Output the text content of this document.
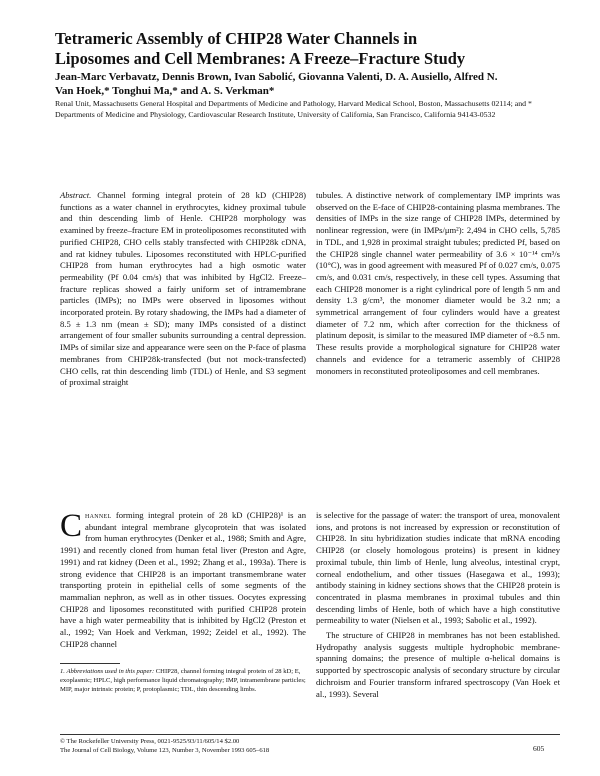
Tetrameric Assembly of CHIP28 Water Channels in Liposomes and Cell Membranes: A Freeze–Fracture Study
Jean-Marc Verbavatz, Dennis Brown, Ivan Sabolić, Giovanna Valenti, D. A. Ausiello, Alfred N. Van Hoek,* Tonghui Ma,* and A. S. Verkman*
Renal Unit, Massachusetts General Hospital and Departments of Medicine and Pathology, Harvard Medical School, Boston, Massachusetts 02114; and * Departments of Medicine and Physiology, Cardiovascular Research Institute, University of California, San Francisco, California 94143-0532
Abstract. Channel forming integral protein of 28 kD (CHIP28) functions as a water channel in erythrocytes, kidney proximal tubule and thin descending limb of Henle. CHIP28 morphology was examined by freeze–fracture EM in proteoliposomes reconstituted with purified CHIP28, CHO cells stably transfected with CHIP28k cDNA, and rat kidney tubules. Liposomes reconstituted with HPLC-purified CHIP28 from human erythrocytes had a high osmotic water permeability (Pf 0.04 cm/s) that was inhibited by HgCl2. Freeze–fracture replicas showed a fairly uniform set of intramembrane particles (IMPs); no IMPs were observed in liposomes without incorporated protein. By rotary shadowing, the IMPs had a diameter of 8.5 ± 1.3 nm (mean ± SD); many IMPs consisted of a distinct arrangement of four smaller subunits surrounding a central depression. IMPs of similar size and appearance were seen on the P-face of plasma membranes from CHIP28k-transfected (but not mock-transfected) CHO cells, rat thin descending limb (TDL) of Henle, and S3 segment of proximal straight
tubules. A distinctive network of complementary IMP imprints was observed on the E-face of CHIP28-containing plasma membranes. The densities of IMPs in the size range of CHIP28 IMPs, determined by nonlinear regression, were (in IMPs/μm²): 2,494 in CHO cells, 5,785 in TDL, and 1,928 in proximal straight tubules; predicted Pf, based on the CHIP28 single channel water permeability of 3.6 × 10⁻¹⁴ cm³/s (10°C), was in good agreement with measured Pf of 0.027 cm/s, 0.075 cm/s, and 0.031 cm/s, respectively, in these cell types. Assuming that each CHIP28 monomer is a right cylindrical pore of length 5 nm and density 1.3 g/cm³, the monomer diameter would be 3.2 nm; a symmetrical arrangement of four cylinders would have a greatest diameter of 7.2 nm, which after correction for the thickness of platinum deposit, is similar to the measured IMP diameter of ~8.5 nm. These results provide a morphological signature for CHIP28 water channels and evidence for a tetrameric assembly of CHIP28 monomers in reconstituted proteoliposomes and cell membranes.
Channel forming integral protein of 28 kD (CHIP28)¹ is an abundant integral membrane glycoprotein that was isolated from human erythrocytes (Denker et al., 1988; Smith and Agre, 1991) and recently cloned from human fetal liver (Preston and Agre, 1991) and rat kidney (Deen et al., 1992; Zhang et al., 1993a). There is strong evidence that CHIP28 is an important transmembrane water transporting protein in epithelial cells of some segments of the mammalian nephron, as well as in other tissues. Oocytes expressing CHIP28 and liposomes reconstituted with purified CHIP28 protein have a high water permeability that is inhibited by HgCl2 (Preston et al., 1992; Van Hoek and Verkman, 1992; Zeidel et al., 1992). The CHIP28 channel

is selective for the passage of water: the transport of urea, monovalent ions, and protons is not increased by expression or reconstitution of CHIP28. In situ hybridization studies indicate that mRNA encoding CHIP28 (or closely homologous proteins) is present in kidney proximal tubule, thin limb of Henle, lung alveolus, intestinal crypt, corneal endothelium, and other tissues (Hasegawa et al., 1993); antibody staining in kidney sections shows that the CHIP28 protein is concentrated in plasma membranes in proximal tubules and thin descending limbs of Henle, both of which have a high constitutive permeability to water (Nielsen et al., 1993; Sabolic et al., 1992).

The structure of CHIP28 in membranes has not been established. Hydropathy analysis suggests multiple hydrophobic membrane-spanning domains; the presence of multiple α-helical domains is supported by spectroscopic analysis of secondary structure by circular dichroism and Fourier transform infrared spectroscopy (Van Hoek et al., 1993). Several

1. Abbreviations used in this paper: CHIP28, channel forming integral protein of 28 kD; E, exoplasmic; HPLC, high performance liquid chromatography; IMP, intramembrane particles; MIP, major intrinsic protein; P, protoplasmic; TDL, thin descending limbs.
© The Rockefeller University Press, 0021-9525/93/11/605/14 $2.00
The Journal of Cell Biology, Volume 123, Number 3, November 1993 605–618	605
